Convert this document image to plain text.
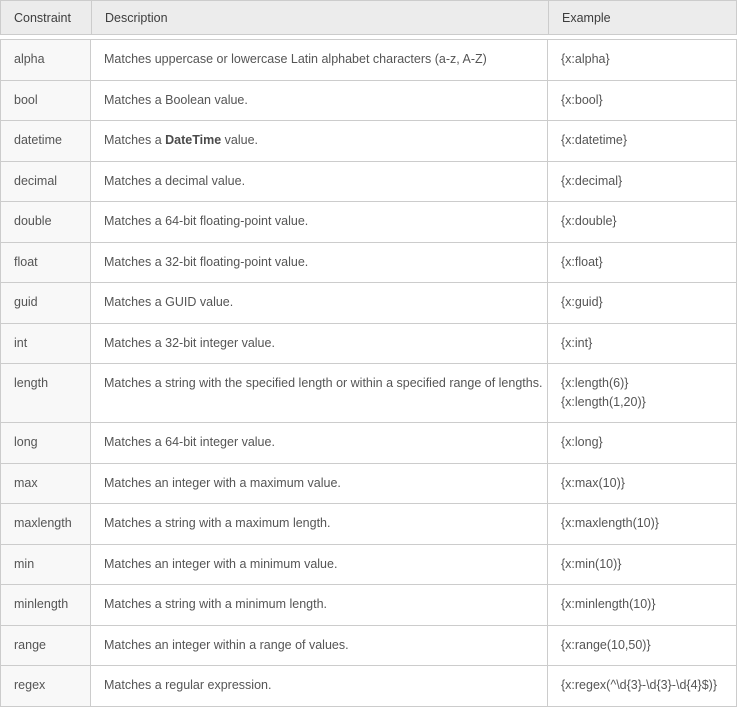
Constraint	Description	Example
alpha	Matches uppercase or lowercase Latin alphabet characters (a-z, A-Z)	{x:alpha}
bool	Matches a Boolean value.	{x:bool}
datetime	Matches a DateTime value.	{x:datetime}
decimal	Matches a decimal value.	{x:decimal}
double	Matches a 64-bit floating-point value.	{x:double}
float	Matches a 32-bit floating-point value.	{x:float}
guid	Matches a GUID value.	{x:guid}
int	Matches a 32-bit integer value.	{x:int}
length	Matches a string with the specified length or within a specified range of lengths.	{x:length(6)}
{x:length(1,20)}
long	Matches a 64-bit integer value.	{x:long}
max	Matches an integer with a maximum value.	{x:max(10)}
maxlength	Matches a string with a maximum length.	{x:maxlength(10)}
min	Matches an integer with a minimum value.	{x:min(10)}
minlength	Matches a string with a minimum length.	{x:minlength(10)}
range	Matches an integer within a range of values.	{x:range(10,50)}
regex	Matches a regular expression.	{x:regex(^\d{3}-\d{3}-\d{4}$)}
